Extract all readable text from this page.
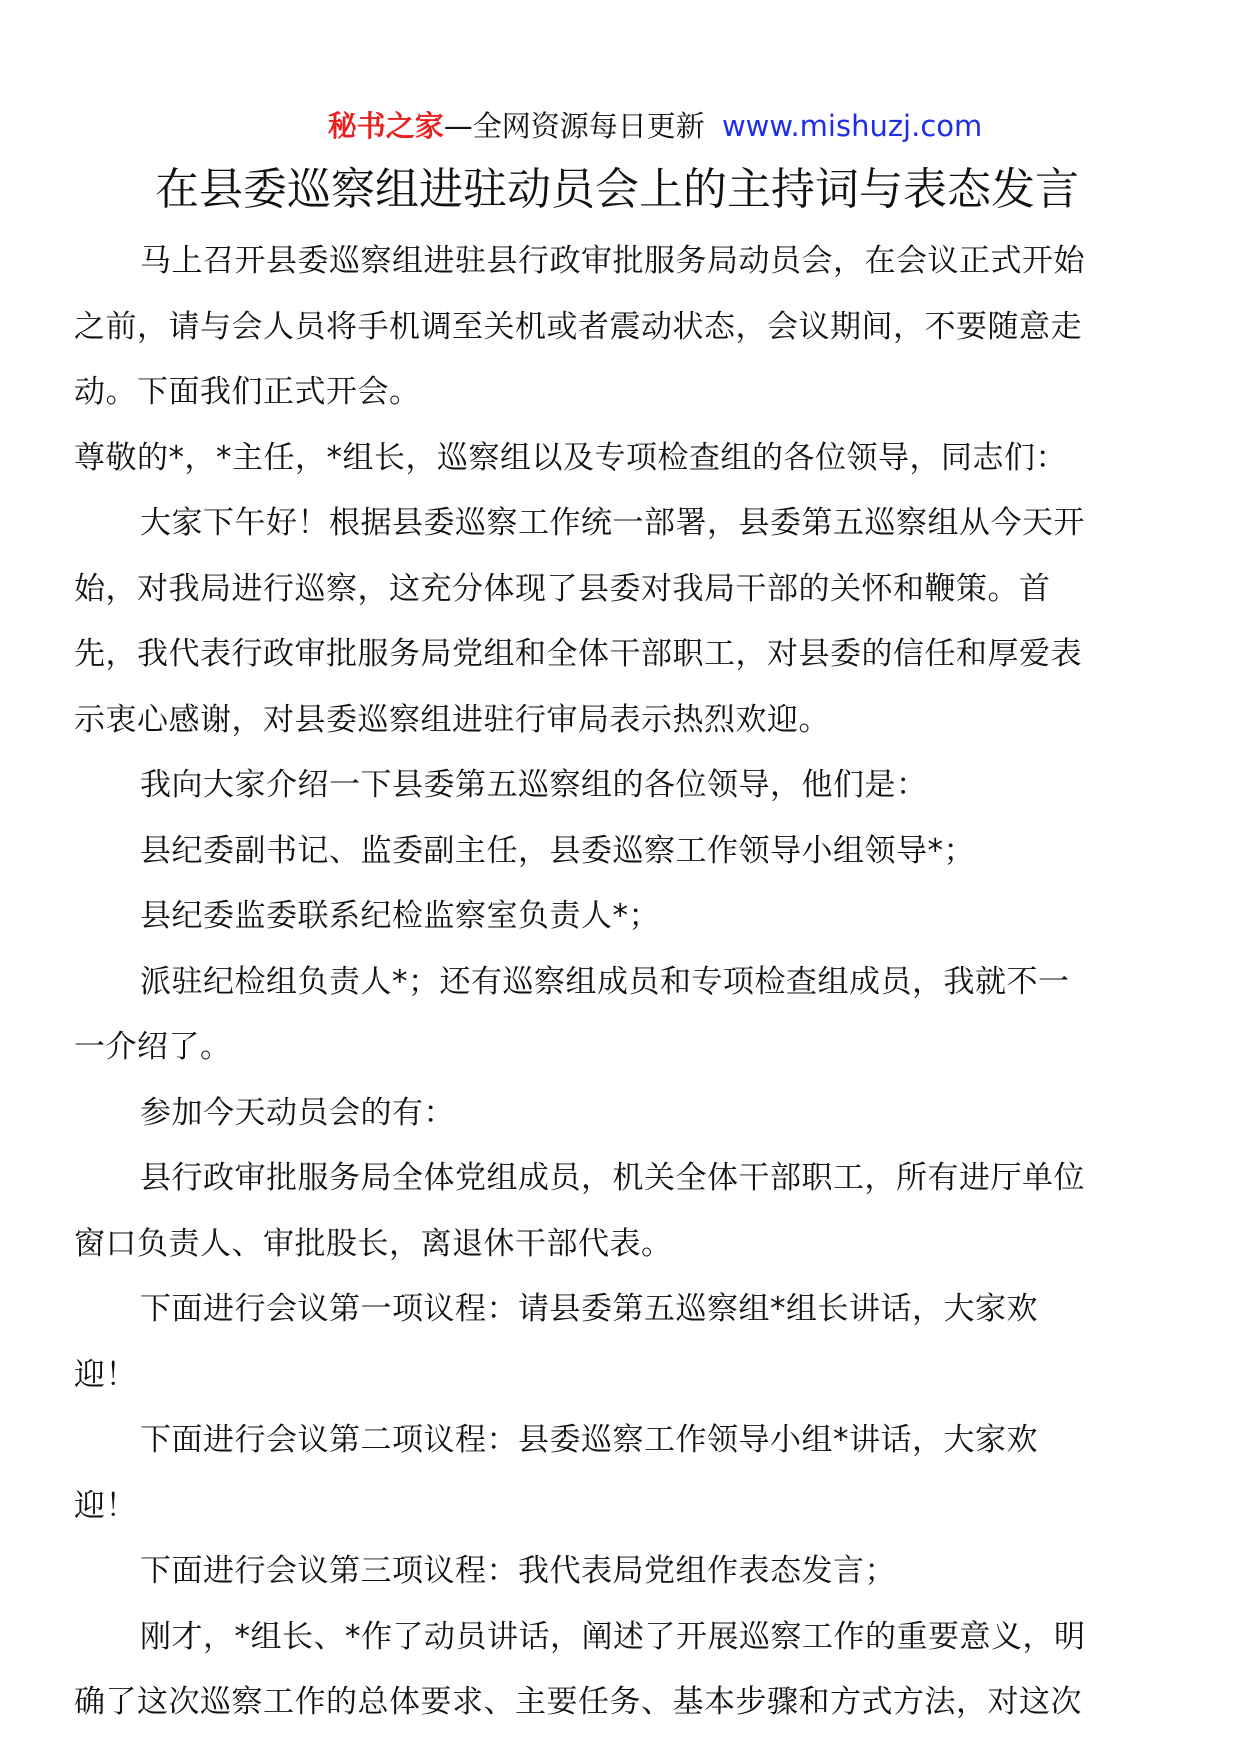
秘书之家—全网资源每日更新 www.mishuzj.com
在县委巡察组进驻动员会上的主持词与表态发言

马上召开县委巡察组进驻县行政审批服务局动员会，在会议正式开始之前，请与会人员将手机调至关机或者震动状态，会议期间，不要随意走动。下面我们正式开会。

尊敬的*，*主任，*组长，巡察组以及专项检查组的各位领导，同志们：

大家下午好！根据县委巡察工作统一部署，县委第五巡察组从今天开始，对我局进行巡察，这充分体现了县委对我局干部的关怀和鞭策。首先，我代表行政审批服务局党组和全体干部职工，对县委的信任和厚爱表示衷心感谢，对县委巡察组进驻行审局表示热烈欢迎。

我向大家介绍一下县委第五巡察组的各位领导，他们是：

县纪委副书记、监委副主任，县委巡察工作领导小组领导*；

县纪委监委联系纪检监察室负责人*；

派驻纪检组负责人*；还有巡察组成员和专项检查组成员，我就不一一介绍了。

参加今天动员会的有：

县行政审批服务局全体党组成员，机关全体干部职工，所有进厅单位窗口负责人、审批股长，离退休干部代表。

下面进行会议第一项议程：请县委第五巡察组*组长讲话，大家欢迎！

下面进行会议第二项议程：县委巡察工作领导小组*讲话，大家欢迎！

下面进行会议第三项议程：我代表局党组作表态发言；

刚才，*组长、*作了动员讲话，阐述了开展巡察工作的重要意义，明确了这次巡察工作的总体要求、主要任务、基本步骤和方式方法，对这次
